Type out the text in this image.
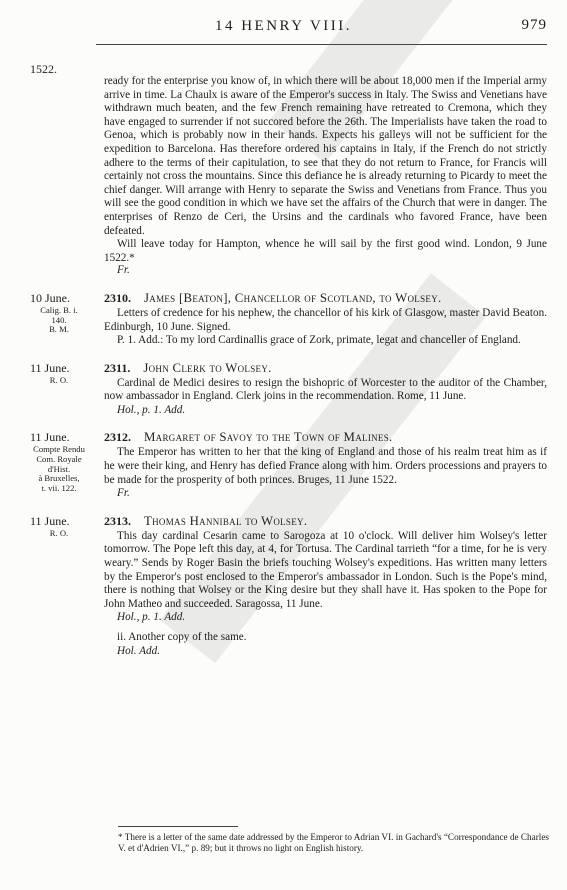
14 HENRY VIII.	979
1522.

ready for the enterprise you know of, in which there will be about 18,000 men if the Imperial army arrive in time. La Chaulx is aware of the Emperor's success in Italy. The Swiss and Venetians have withdrawn much beaten, and the few French remaining have retreated to Cremona, which they have engaged to surrender if not succored before the 26th. The Imperialists have taken the road to Genoa, which is probably now in their hands. Expects his galleys will not be sufficient for the expedition to Barcelona. Has therefore ordered his captains in Italy, if the French do not strictly adhere to the terms of their capitulation, to see that they do not return to France, for Francis will certainly not cross the mountains. Since this defiance he is already returning to Picardy to meet the chief danger. Will arrange with Henry to separate the Swiss and Venetians from France. Thus you will see the good condition in which we have set the affairs of the Church that were in danger. The enterprises of Renzo de Ceri, the Ursins and the cardinals who favored France, have been defeated.

Will leave today for Hampton, whence he will sail by the first good wind. London, 9 June 1522.*

Fr.

10 June.
Calig. B. i.
140.
B. M.
2310. James [Beaton], Chancellor of Scotland, to Wolsey.

Letters of credence for his nephew, the chancellor of his kirk of Glasgow, master David Beaton. Edinburgh, 10 June. Signed.

P. 1. Add.: To my lord Cardinallis grace of Zork, primate, legat and chanceller of England.

11 June.
R. O.
2311. John Clerk to Wolsey.

Cardinal de Medici desires to resign the bishopric of Worcester to the auditor of the Chamber, now ambassador in England. Clerk joins in the recommendation. Rome, 11 June.

Hol., p. 1. Add.

11 June.
Compte Rendu
Com. Royale
d'Hist.
à Bruxelles,
t. vii. 122.
2312. Margaret of Savoy to the Town of Malines.

The Emperor has written to her that the king of England and those of his realm treat him as if he were their king, and Henry has defied France along with him. Orders processions and prayers to be made for the prosperity of both princes. Bruges, 11 June 1522.

Fr.

11 June.
R. O.
2313. Thomas Hannibal to Wolsey.

This day cardinal Cesarin came to Sarogoza at 10 o'clock. Will deliver him Wolsey's letter tomorrow. The Pope left this day, at 4, for Tortusa. The Cardinal tarrieth “for a time, for he is very weary.” Sends by Roger Basin the briefs touching Wolsey's expeditions. Has written many letters by the Emperor's post enclosed to the Emperor's ambassador in London. Such is the Pope's mind, there is nothing that Wolsey or the King desire but they shall have it. Has spoken to the Pope for John Matheo and succeeded. Saragossa, 11 June.

Hol., p. 1. Add.

ii. Another copy of the same.

Hol. Add.

* There is a letter of the same date addressed by the Emperor to Adrian VI. in Gachard's “Correspondance de Charles V. et d'Adrien VI.,” p. 89; but it throws no light on English history.
